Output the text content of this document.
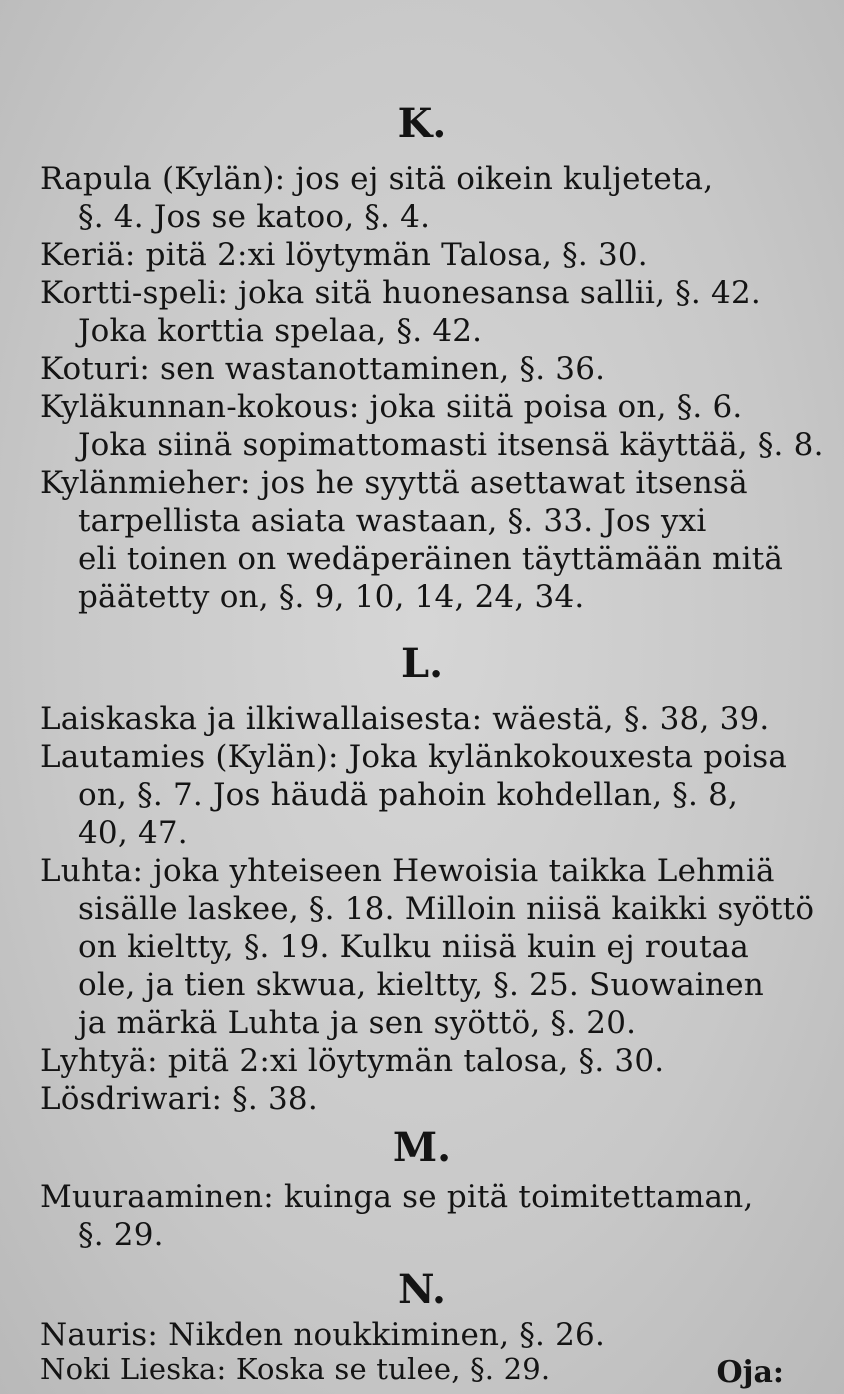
K.
Rapula (Kylän): jos ej sitä oikein kuljeteta,
§. 4. Jos se katoo, §. 4.
Keriä: pitä 2:xi löytymän Talosa, §. 30.
Kortti-speli: joka sitä huonesansa sallii, §. 42.
Joka korttia spelaa, §. 42.
Koturi: sen wastanottaminen, §. 36.
Kyläkunnan-kokous: joka siitä poisa on, §. 6.
Joka siinä sopimattomasti itsensä käyttää, §. 8.
Kylänmieher: jos he syyttä asettawat itsensä
tarpellista asiata wastaan, §. 33. Jos yxi
eli toinen on wedäperäinen täyttämään mitä
päätetty on, §. 9, 10, 14, 24, 34.
L.
Laiskaska ja ilkiwallaisesta: wäestä, §. 38, 39.
Lautamies (Kylän): Joka kylänkokouxesta poisa
on, §. 7. Jos häudä pahoin kohdellan, §. 8,
40, 47.
Luhta: joka yhteiseen Hewoisia taikka Lehmiä
sisälle laskee, §. 18. Milloin niisä kaikki syöttö
on kieltty, §. 19. Kulku niisä kuin ej routaa
ole, ja tien skwua, kieltty, §. 25. Suowainen
ja märkä Luhta ja sen syöttö, §. 20.
Lyhtyä: pitä 2:xi löytymän talosa, §. 30.
Lösdriwari: §. 38.
M.
Muuraaminen: kuinga se pitä toimitettaman,
§. 29.
N.
Nauris: Nikden noukkiminen, §. 26.
Noki Lieska: Koska se tulee, §. 29.	Oja:
